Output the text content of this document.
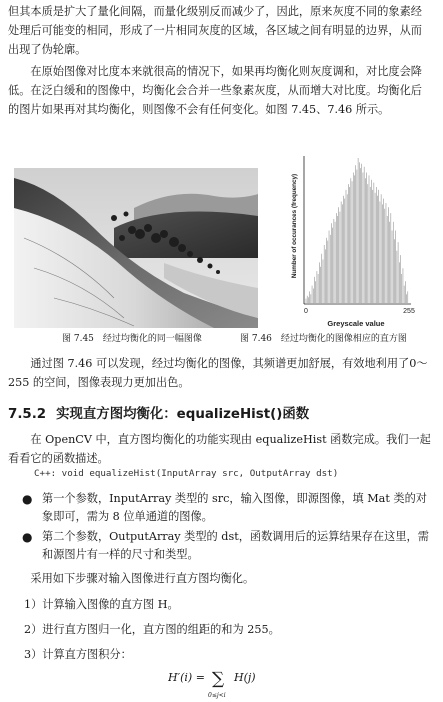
但其本质是扩大了量化间隔，而量化级别反而减少了，因此，原来灰度不同的象素经处理后可能变的相同，形成了一片相同灰度的区域，各区域之间有明显的边界，从而出现了伪轮廓。

在原始图像对比度本来就很高的情况下，如果再均衡化则灰度调和，对比度会降低。在泛白缓和的图像中，均衡化会合并一些象素灰度，从而增大对比度。均衡化后的图片如果再对其均衡化，则图像不会有任何变化。如图 7.45、7.46 所示。

Number of occurances (frequency)
Greyscale value
0	255
图 7.45　经过均衡化的同一幅图像	图 7.46　经过均衡化的图像相应的直方图

通过图 7.46 可以发现，经过均衡化的图像，其频谱更加舒展，有效地利用了0～255 的空间，图像表现力更加出色。

7.5.2 实现直方图均衡化：equalizeHist()函数

在 OpenCV 中，直方图均衡化的功能实现由 equalizeHist 函数完成。我们一起看看它的函数描述。

C++: void equalizeHist(InputArray src, OutputArray dst)
● 第一个参数，InputArray 类型的 src，输入图像，即源图像，填 Mat 类的对象即可，需为 8 位单通道的图像。
● 第二个参数，OutputArray 类型的 dst，函数调用后的运算结果存在这里，需和源图片有一样的尺寸和类型。

采用如下步骤对输入图像进行直方图均衡化。

1）计算输入图像的直方图 H。
2）进行直方图归一化，直方图的组距的和为 255。
3）计算直方图积分：
H′(i) = ∑
0≤j<i
H(j)
